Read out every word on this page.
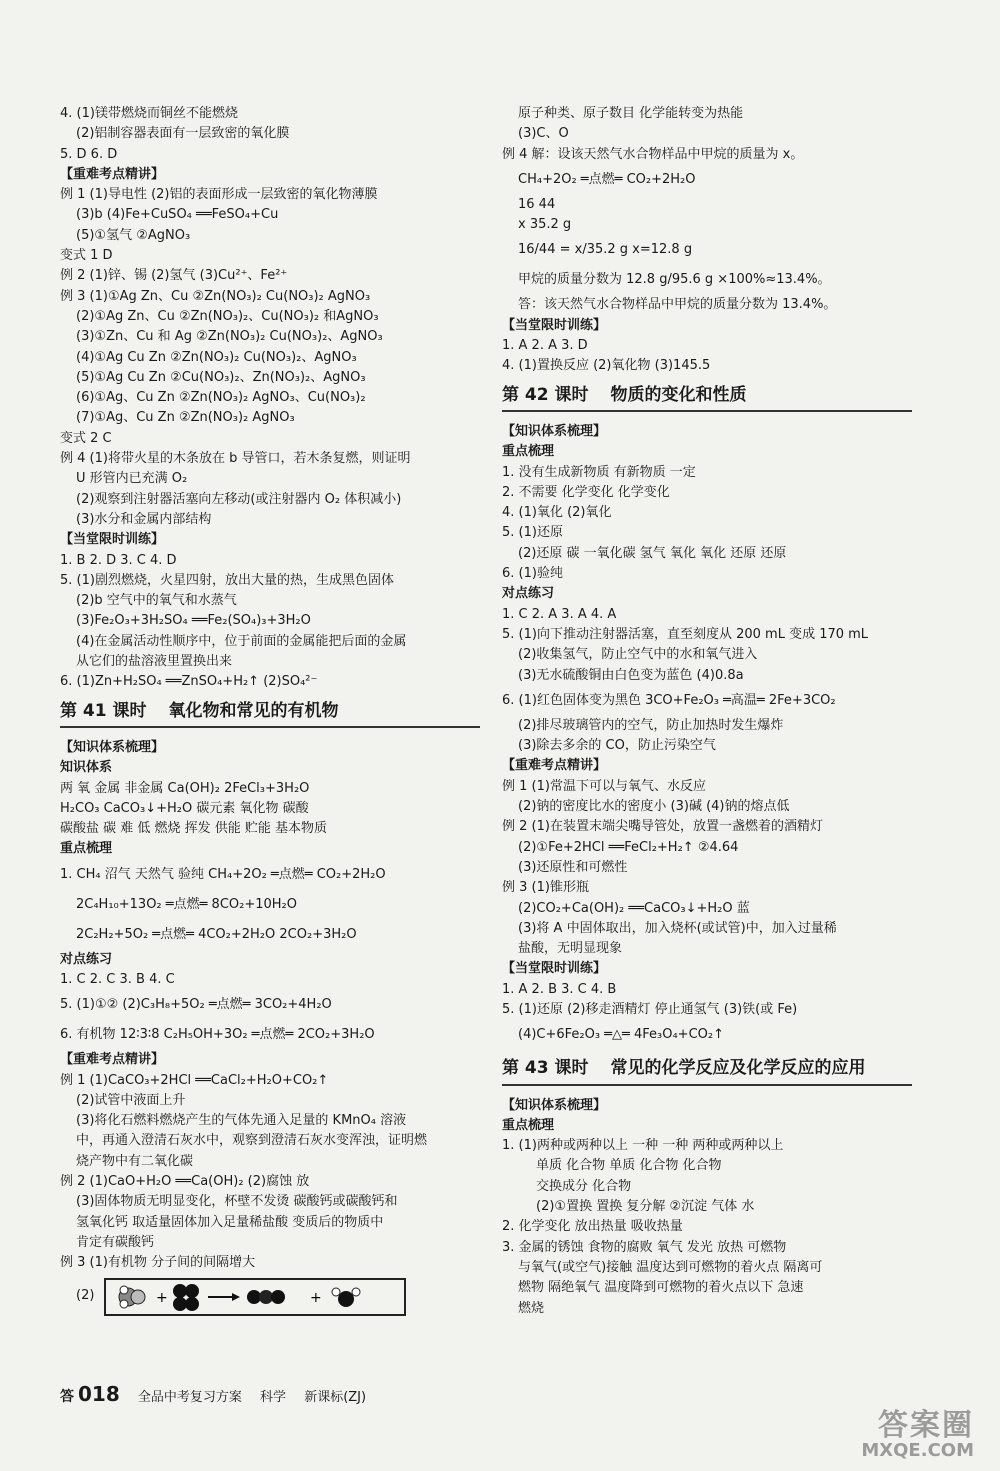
4. (1)镁带燃烧而铜丝不能燃烧
(2)铝制容器表面有一层致密的氧化膜
5. D 6. D
【重难考点精讲】
例 1 (1)导电性 (2)铝的表面形成一层致密的氧化物薄膜
(3)b (4)Fe+CuSO₄ ══FeSO₄+Cu
(5)①氢气 ②AgNO₃
变式 1 D
例 2 (1)锌、锡 (2)氢气 (3)Cu²⁺、Fe²⁺
例 3 (1)①Ag Zn、Cu ②Zn(NO₃)₂ Cu(NO₃)₂ AgNO₃
(2)①Ag Zn、Cu ②Zn(NO₃)₂、Cu(NO₃)₂ 和AgNO₃
(3)①Zn、Cu 和 Ag ②Zn(NO₃)₂ Cu(NO₃)₂、AgNO₃
(4)①Ag Cu Zn ②Zn(NO₃)₂ Cu(NO₃)₂、AgNO₃
(5)①Ag Cu Zn ②Cu(NO₃)₂、Zn(NO₃)₂、AgNO₃
(6)①Ag、Cu Zn ②Zn(NO₃)₂ AgNO₃、Cu(NO₃)₂
(7)①Ag、Cu Zn ②Zn(NO₃)₂ AgNO₃
变式 2 C
例 4 (1)将带火星的木条放在 b 导管口，若木条复燃，则证明
U 形管内已充满 O₂
(2)观察到注射器活塞向左移动(或注射器内 O₂ 体积减小)
(3)水分和金属内部结构
【当堂限时训练】
1. B 2. D 3. C 4. D
5. (1)剧烈燃烧，火星四射，放出大量的热，生成黑色固体
(2)b 空气中的氧气和水蒸气
(3)Fe₂O₃+3H₂SO₄ ══Fe₂(SO₄)₃+3H₂O
(4)在金属活动性顺序中，位于前面的金属能把后面的金属
从它们的盐溶液里置换出来
6. (1)Zn+H₂SO₄ ══ZnSO₄+H₂↑ (2)SO₄²⁻
第 41 课时 氧化物和常见的有机物
【知识体系梳理】
知识体系
两 氧 金属 非金属 Ca(OH)₂ 2FeCl₃+3H₂O
H₂CO₃ CaCO₃↓+H₂O 碳元素 氧化物 碳酸
碳酸盐 碳 难 低 燃烧 挥发 供能 贮能 基本物质
重点梳理
1. CH₄ 沼气 天然气 验纯 CH₄+2O₂ ═点燃═ CO₂+2H₂O
2C₄H₁₀+13O₂ ═点燃═ 8CO₂+10H₂O
2C₂H₂+5O₂ ═点燃═ 4CO₂+2H₂O 2CO₂+3H₂O
对点练习
1. C 2. C 3. B 4. C
5. (1)①② (2)C₃H₈+5O₂ ═点燃═ 3CO₂+4H₂O
6. 有机物 12∶3∶8 C₂H₅OH+3O₂ ═点燃═ 2CO₂+3H₂O
【重难考点精讲】
例 1 (1)CaCO₃+2HCl ══CaCl₂+H₂O+CO₂↑
(2)试管中液面上升
(3)将化石燃料燃烧产生的气体先通入足量的 KMnO₄ 溶液
中，再通入澄清石灰水中，观察到澄清石灰水变浑浊，证明燃
烧产物中有二氧化碳
例 2 (1)CaO+H₂O ══Ca(OH)₂ (2)腐蚀 放
(3)固体物质无明显变化，杯壁不发烫 碳酸钙或碳酸钙和
氢氧化钙 取适量固体加入足量稀盐酸 变质后的物质中
肯定有碳酸钙
例 3 (1)有机物 分子间的间隔增大
(2)	+	+
原子种类、原子数目 化学能转变为热能
(3)C、O
例 4 解：设该天然气水合物样品中甲烷的质量为 x。
CH₄+2O₂ ═点燃═ CO₂+2H₂O
16 44
x 35.2 g
16/44 = x/35.2 g x=12.8 g
甲烷的质量分数为 12.8 g/95.6 g ×100%≈13.4%。
答：该天然气水合物样品中甲烷的质量分数为 13.4%。
【当堂限时训练】
1. A 2. A 3. D
4. (1)置换反应 (2)氧化物 (3)145.5
第 42 课时 物质的变化和性质
【知识体系梳理】
重点梳理
1. 没有生成新物质 有新物质 一定
2. 不需要 化学变化 化学变化
4. (1)氧化 (2)氧化
5. (1)还原
(2)还原 碳 一氧化碳 氢气 氧化 氧化 还原 还原
6. (1)验纯
对点练习
1. C 2. A 3. A 4. A
5. (1)向下推动注射器活塞，直至刻度从 200 mL 变成 170 mL
(2)收集氢气，防止空气中的水和氧气进入
(3)无水硫酸铜由白色变为蓝色 (4)0.8a
6. (1)红色固体变为黑色 3CO+Fe₂O₃ ═高温═ 2Fe+3CO₂
(2)排尽玻璃管内的空气，防止加热时发生爆炸
(3)除去多余的 CO，防止污染空气
【重难考点精讲】
例 1 (1)常温下可以与氧气、水反应
(2)钠的密度比水的密度小 (3)碱 (4)钠的熔点低
例 2 (1)在装置末端尖嘴导管处，放置一盏燃着的酒精灯
(2)①Fe+2HCl ══FeCl₂+H₂↑ ②4.64
(3)还原性和可燃性
例 3 (1)锥形瓶
(2)CO₂+Ca(OH)₂ ══CaCO₃↓+H₂O 蓝
(3)将 A 中固体取出，加入烧杯(或试管)中，加入过量稀
盐酸，无明显现象
【当堂限时训练】
1. A 2. B 3. C 4. B
5. (1)还原 (2)移走酒精灯 停止通氢气 (3)铁(或 Fe)
(4)C+6Fe₂O₃ ═△═ 4Fe₃O₄+CO₂↑
第 43 课时 常见的化学反应及化学反应的应用
【知识体系梳理】
重点梳理
1. (1)两种或两种以上 一种 一种 两种或两种以上
单质 化合物 单质 化合物 化合物
交换成分 化合物
(2)①置换 置换 复分解 ②沉淀 气体 水
2. 化学变化 放出热量 吸收热量
3. 金属的锈蚀 食物的腐败 氧气 发光 放热 可燃物
与氧气(或空气)接触 温度达到可燃物的着火点 隔离可
燃物 隔绝氧气 温度降到可燃物的着火点以下 急速
燃烧
答 018 全品中考复习方案 科学 新课标(ZJ)
答案圈
MXQE.COM
